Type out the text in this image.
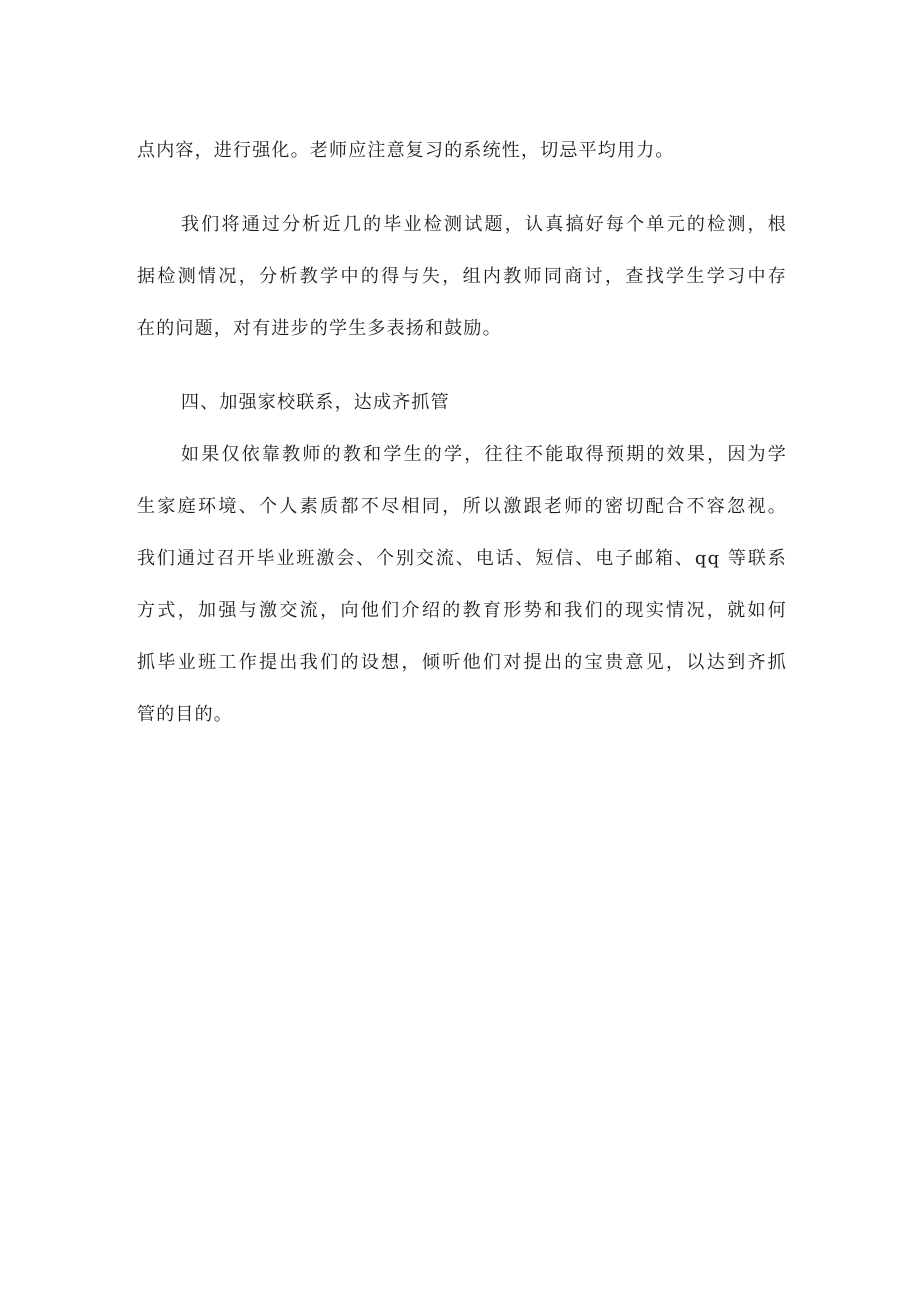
点内容，进行强化。老师应注意复习的系统性，切忌平均用力。
我们将通过分析近几的毕业检测试题，认真搞好每个单元的检测，根
据检测情况，分析教学中的得与失，组内教师同商讨，查找学生学习中存
在的问题，对有进步的学生多表扬和鼓励。
四、加强家校联系，达成齐抓管
如果仅依靠教师的教和学生的学，往往不能取得预期的效果，因为学
生家庭环境、个人素质都不尽相同，所以激跟老师的密切配合不容忽视。
我们通过召开毕业班激会、个别交流、电话、短信、电子邮箱、qq 等联系
方式，加强与激交流，向他们介绍的教育形势和我们的现实情况，就如何
抓毕业班工作提出我们的设想，倾听他们对提出的宝贵意见，以达到齐抓
管的目的。
